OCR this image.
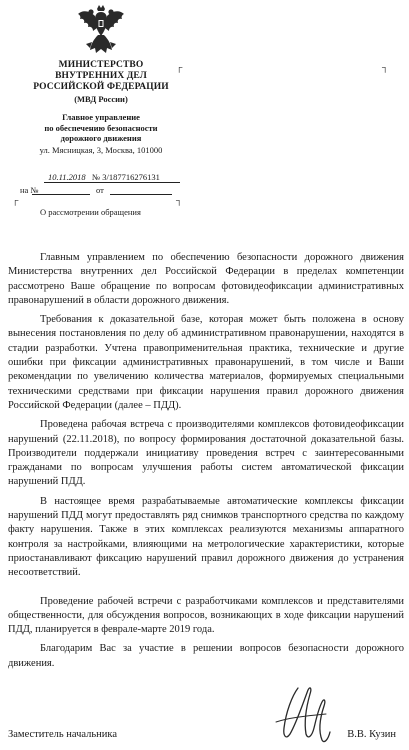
МИНИСТЕРСТВО
ВНУТРЕННИХ ДЕЛ
РОССИЙСКОЙ ФЕДЕРАЦИИ
(МВД России)
Главное управление
по обеспечению безопасности
дорожного движения
ул. Мясницкая, 3, Москва, 101000
┌	┐
┌	┐
10.11.2018 № 3/187716276131
на №	от
О рассмотрении обращения

Главным управлением по обеспечению безопасности дорожного движения Министерства внутренних дел Российской Федерации в пределах компетенции рассмотрено Ваше обращение по вопросам фотовидеофиксации административных правонарушений в области дорожного движения.

Требования к доказательной базе, которая может быть положена в основу вынесения постановления по делу об административном правонарушении, находятся в стадии разработки. Учтена правоприменительная практика, технические и другие ошибки при фиксации административных правонарушений, в том числе и Ваши рекомендации по увеличению количества материалов, формируемых специальными техническими средствами при фиксации нарушения правил дорожного движения Российской Федерации (далее – ПДД).

Проведена рабочая встреча с производителями комплексов фотовидеофиксации нарушений (22.11.2018), по вопросу формирования достаточной доказательной базы. Производители поддержали инициативу проведения встреч с заинтересованными гражданами по вопросам улучшения работы систем автоматической фиксации нарушений ПДД.

В настоящее время разрабатываемые автоматические комплексы фиксации нарушений ПДД могут предоставлять ряд снимков транспортного средства по каждому факту нарушения. Также в этих комплексах реализуются механизмы аппаратного контроля за настройками, влияющими на метрологические характеристики, которые приостанавливают фиксацию нарушений правил дорожного движения до устранения несоответствий.

Проведение рабочей встречи с разработчиками комплексов и представителями общественности, для обсуждения вопросов, возникающих в ходе фиксации нарушений ПДД, планируется в феврале-марте 2019 года.

Благодарим Вас за участие в решении вопросов безопасности дорожного движения.

Заместитель начальника	В.В. Кузин
